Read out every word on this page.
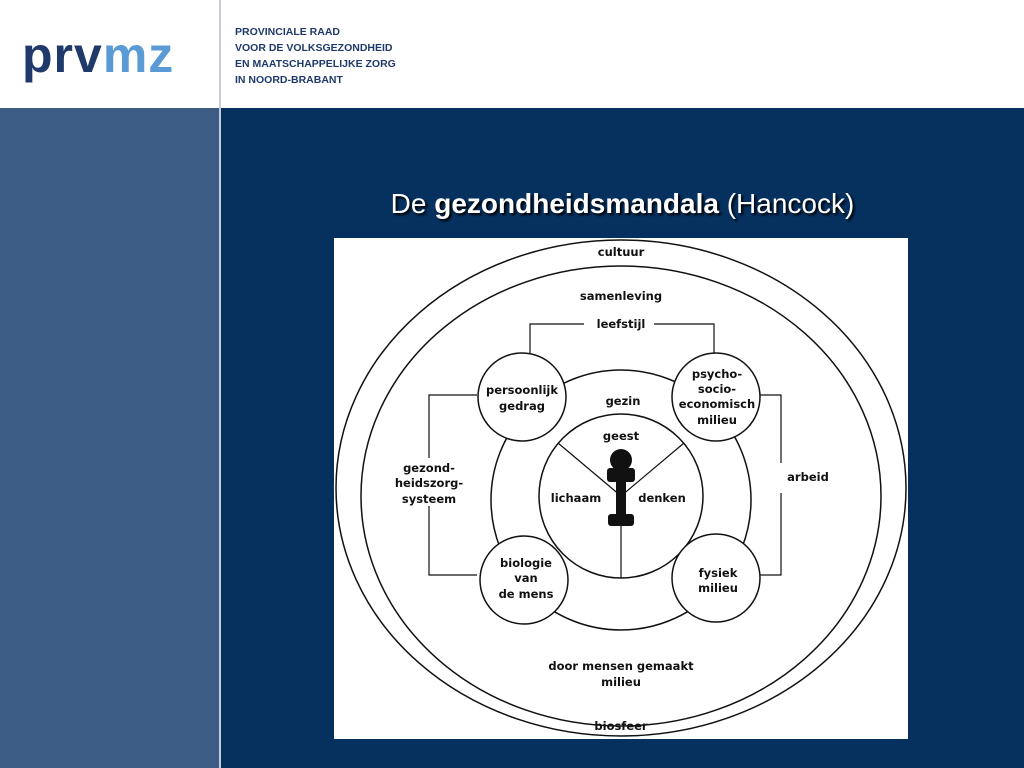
prvmz	PROVINCIALE RAAD
VOOR DE VOLKSGEZONDHEID
EN MAATSCHAPPELIJKE ZORG
IN NOORD-BRABANT
De gezondheidsmandala (Hancock)
cultuur
samenleving
leefstijl
persoonlijk
gedrag
psycho-
socio-
economisch
milieu
gezin
geest
lichaam	denken
gezond-
heidszorg-
systeem
arbeid
biologie
van
de mens
fysiek
milieu
door mensen gemaakt
milieu
biosfeer
